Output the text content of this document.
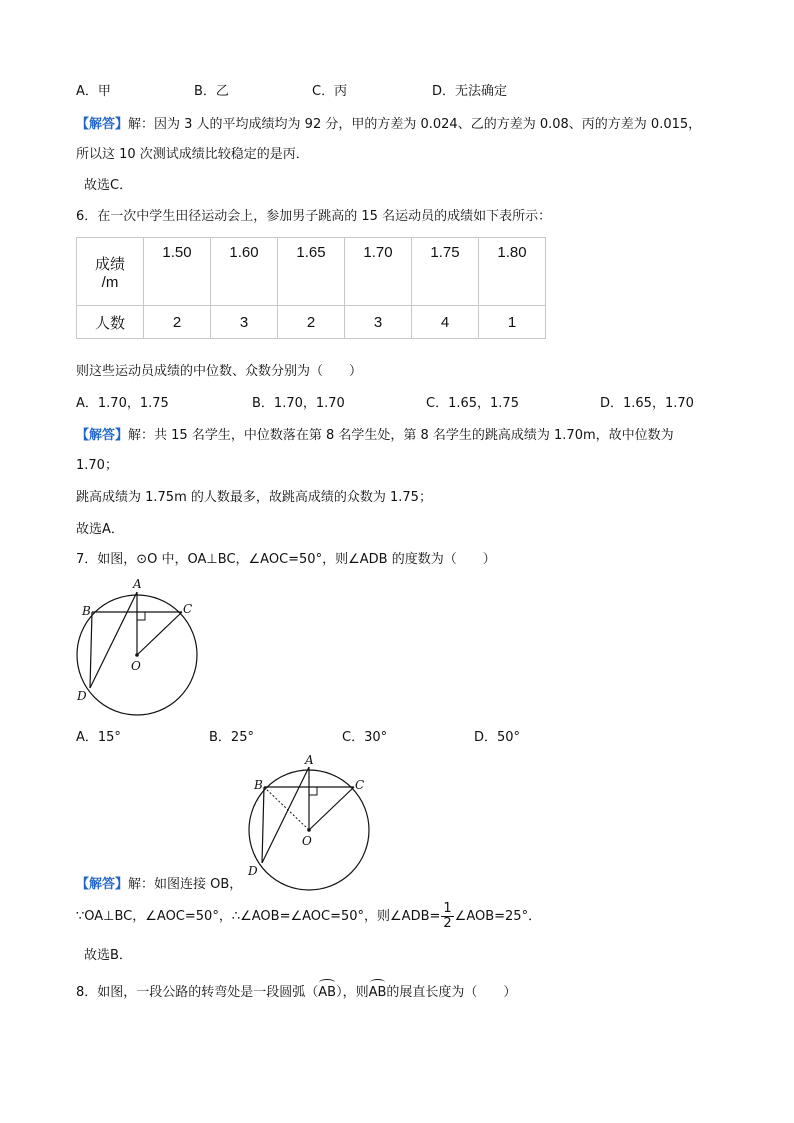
A．甲	B．乙	C．丙	D．无法确定
【解答】解：因为 3 人的平均成绩均为 92 分，甲的方差为 0.024、乙的方差为 0.08、丙的方差为 0.015，
所以这 10 次测试成绩比较稳定的是丙．
故选C．
6．在一次中学生田径运动会上，参加男子跳高的 15 名运动员的成绩如下表所示：
成绩
/m	1.50	1.60	1.65	1.70	1.75	1.80
人数	2	3	2	3	4	1
则这些运动员成绩的中位数、众数分别为（　　）
A．1.70，1.75	B．1.70，1.70	C．1.65，1.75	D．1.65，1.70
【解答】解：共 15 名学生，中位数落在第 8 名学生处，第 8 名学生的跳高成绩为 1.70m，故中位数为
1.70；
跳高成绩为 1.75m 的人数最多，故跳高成绩的众数为 1.75；
故选A．
7．如图，⊙O 中，OA⊥BC，∠AOC=50°，则∠ADB 的度数为（　　）
A
B	C
O
D
A．15°	B．25°	C．30°	D．50°
A
B	C
O
D
【解答】解：如图连接 OB，
∵OA⊥BC，∠AOC=50°，∴∠AOB=∠AOC=50°，则∠ADB= $\frac{1}{2}$ ∠AOB=25°．
故选B．
8．如图，一段公路的转弯处是一段圆弧（AB），则AB的展直长度为（　　）
